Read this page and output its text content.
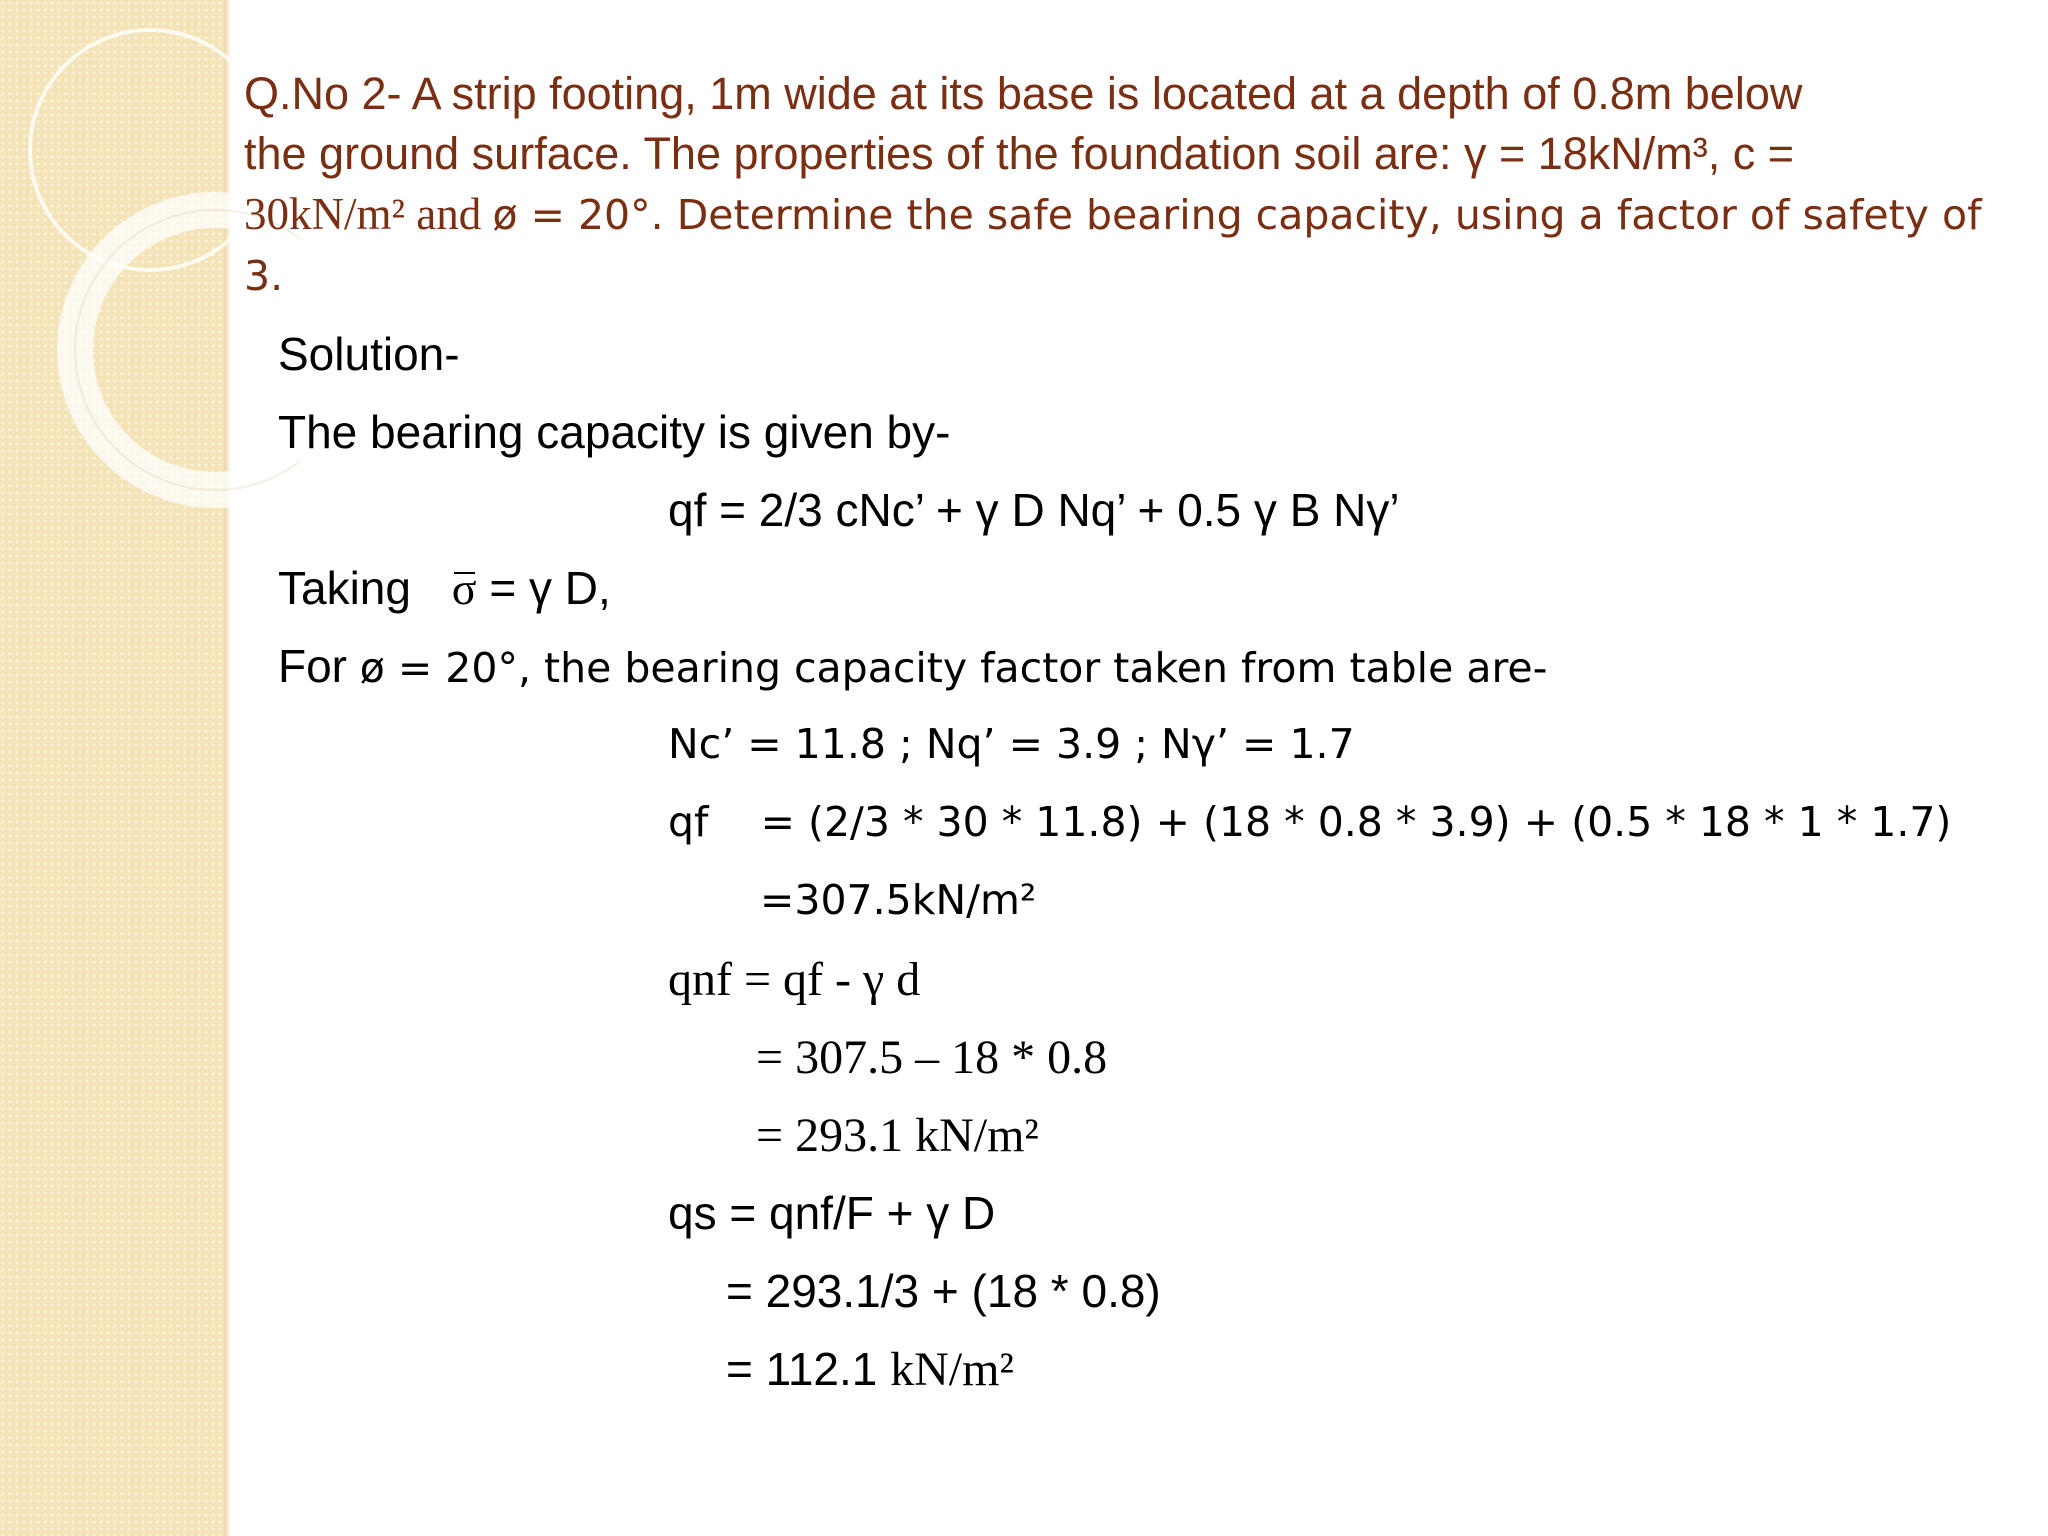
Q.No 2- A strip footing, 1m wide at its base is located at a depth of 0.8m below
the ground surface. The properties of the foundation soil are: γ = 18kN/m³, c =
30kN/m² and ø = 20°. Determine the safe bearing capacity, using a factor of safety of
3.
Solution-
The bearing capacity is given by-
qf = 2/3 cNc’ + γ D Nq’ + 0.5 γ B Nγ’
Taking σ = γ D,
For ø = 20°, the bearing capacity factor taken from table are-
Nc’ = 11.8 ; Nq’ = 3.9 ; Nγ’ = 1.7
qf    = (2/3 * 30 * 11.8) + (18 * 0.8 * 3.9) + (0.5 * 18 * 1 * 1.7)
=307.5kN/m²
qnf = qf - γ d
= 307.5 – 18 * 0.8
= 293.1 kN/m²
qs = qnf/F + γ D
= 293.1/3 + (18 * 0.8)
= 112.1 kN/m²
